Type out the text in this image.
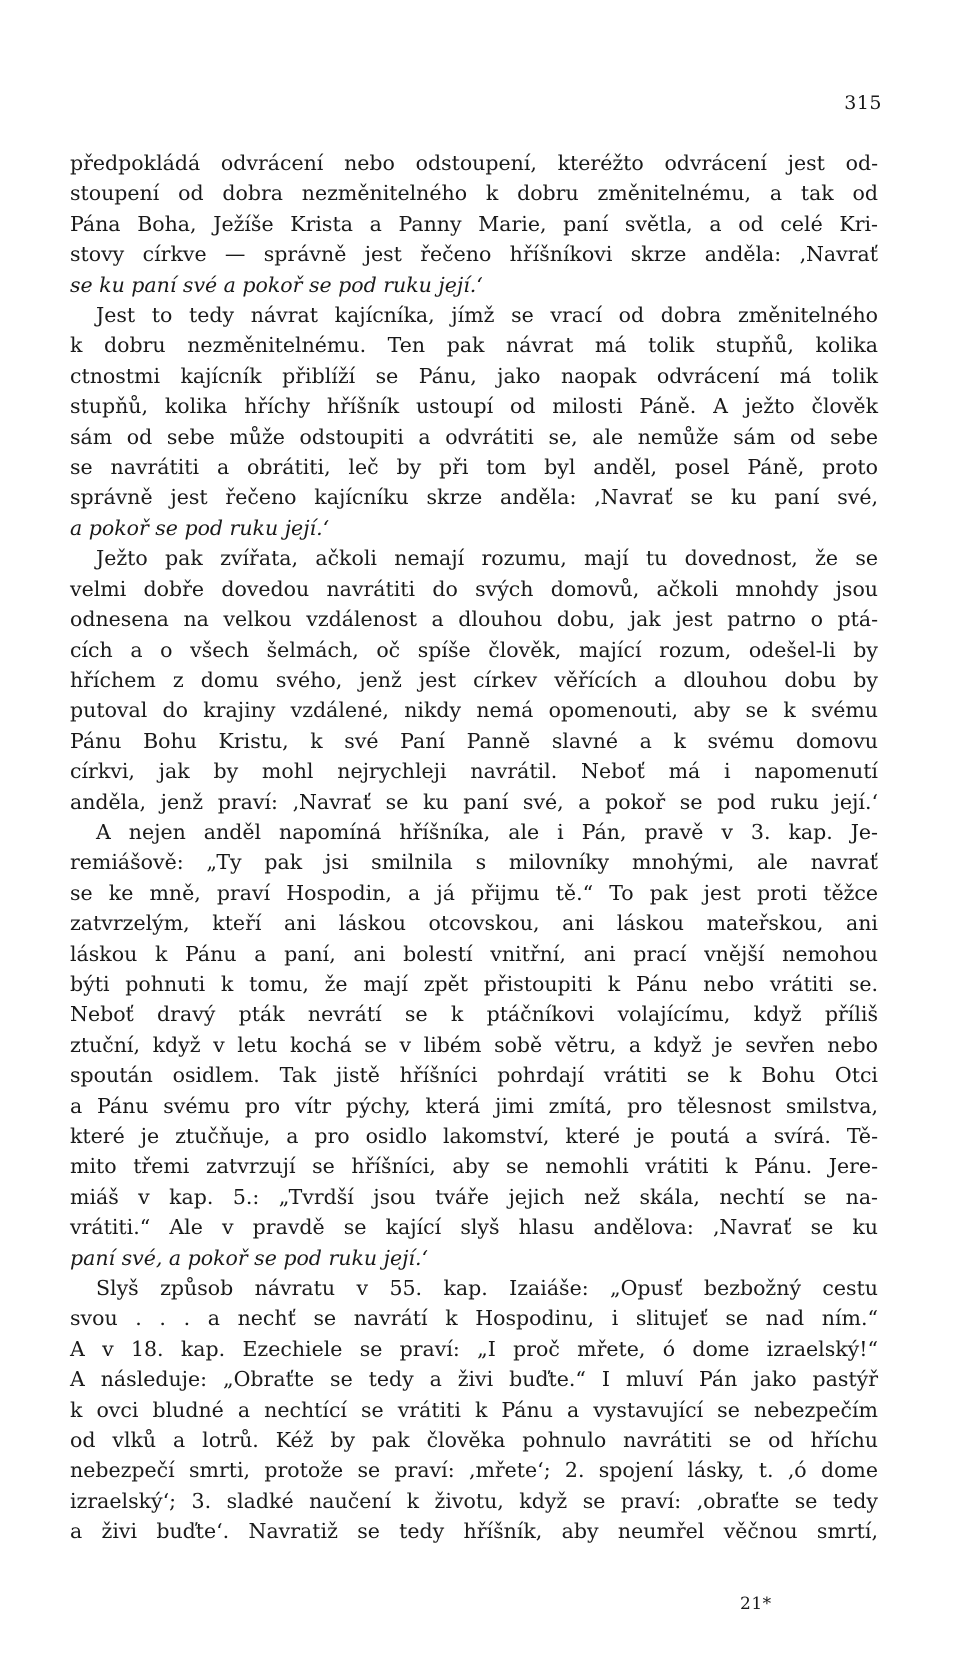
315

předpokládá odvrácení nebo odstoupení, kteréžto odvrácení jest od-
stoupení od dobra nezměnitelného k dobru změnitelnému, a tak od
Pána Boha, Ježíše Krista a Panny Marie, paní světla, a od celé Kri-
stovy církve — správně jest řečeno hříšníkovi skrze anděla: ‚Navrať
se ku paní své a pokoř se pod ruku její.‘

Jest to tedy návrat kajícníka, jímž se vrací od dobra změnitelného
k dobru nezměnitelnému. Ten pak návrat má tolik stupňů, kolika
ctnostmi kajícník přiblíží se Pánu, jako naopak odvrácení má tolik
stupňů, kolika hříchy hříšník ustoupí od milosti Páně. A ježto člověk
sám od sebe může odstoupiti a odvrátiti se, ale nemůže sám od sebe
se navrátiti a obrátiti, leč by při tom byl anděl, posel Páně, proto
správně jest řečeno kajícníku skrze anděla: ‚Navrať se ku paní své,
a pokoř se pod ruku její.‘

Ježto pak zvířata, ačkoli nemají rozumu, mají tu dovednost, že se
velmi dobře dovedou navrátiti do svých domovů, ačkoli mnohdy jsou
odnesena na velkou vzdálenost a dlouhou dobu, jak jest patrno o ptá-
cích a o všech šelmách, oč spíše člověk, mající rozum, odešel-li by
hříchem z domu svého, jenž jest církev věřících a dlouhou dobu by
putoval do krajiny vzdálené, nikdy nemá opomenouti, aby se k svému
Pánu Bohu Kristu, k své Paní Panně slavné a k svému domovu
církvi, jak by mohl nejrychleji navrátil. Neboť má i napomenutí
anděla, jenž praví: ‚Navrať se ku paní své, a pokoř se pod ruku její.‘

A nejen anděl napomíná hříšníka, ale i Pán, pravě v 3. kap. Je-
remiášově: „Ty pak jsi smilnila s milovníky mnohými, ale navrať
se ke mně, praví Hospodin, a já přijmu tě.“ To pak jest proti těžce
zatvrzelým, kteří ani láskou otcovskou, ani láskou mateřskou, ani
láskou k Pánu a paní, ani bolestí vnitřní, ani prací vnější nemohou
býti pohnuti k tomu, že mají zpět přistoupiti k Pánu nebo vrátiti se.
Neboť dravý pták nevrátí se k ptáčníkovi volajícímu, když příliš
ztuční, když v letu kochá se v libém sobě větru, a když je sevřen nebo
spoután osidlem. Tak jistě hříšníci pohrdají vrátiti se k Bohu Otci
a Pánu svému pro vítr pýchy, která jimi zmítá, pro tělesnost smilstva,
které je ztučňuje, a pro osidlo lakomství, které je poutá a svírá. Tě-
mito třemi zatvrzují se hříšníci, aby se nemohli vrátiti k Pánu. Jere-
miáš v kap. 5.: „Tvrdší jsou tváře jejich než skála, nechtí se na-
vrátiti.“ Ale v pravdě se kající slyš hlasu andělova: ‚Navrať se ku
paní své, a pokoř se pod ruku její.‘

Slyš způsob návratu v 55. kap. Izaiáše: „Opusť bezbožný cestu
svou . . . a nechť se navrátí k Hospodinu, i slitujeť se nad ním.“
A v 18. kap. Ezechiele se praví: „I proč mřete, ó dome izraelský!“
A následuje: „Obraťte se tedy a živi buďte.“ I mluví Pán jako pastýř
k ovci bludné a nechtící se vrátiti k Pánu a vystavující se nebezpečím
od vlků a lotrů. Kéž by pak člověka pohnulo navrátiti se od hříchu
nebezpečí smrti, protože se praví: ‚mřete‘; 2. spojení lásky, t. ‚ó dome
izraelský‘; 3. sladké naučení k životu, když se praví: ‚obraťte se tedy
a živi buďte‘. Navratiž se tedy hříšník, aby neumřel věčnou smrtí,

21*
